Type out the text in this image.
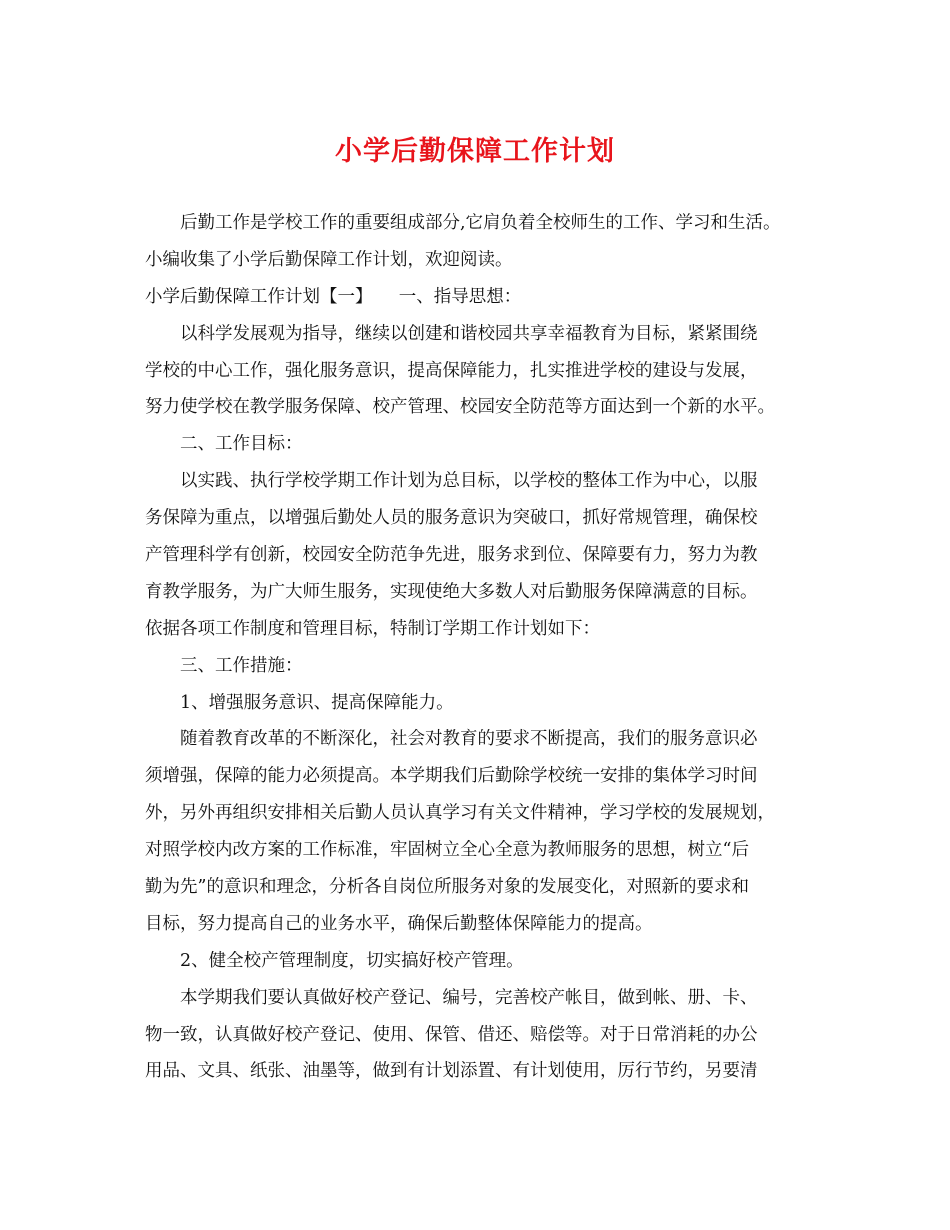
小学后勤保障工作计划
后勤工作是学校工作的重要组成部分,它肩负着全校师生的工作、学习和生活。
小编收集了小学后勤保障工作计划，欢迎阅读。
小学后勤保障工作计划【一】　　一、指导思想：
以科学发展观为指导，继续以创建和谐校园共享幸福教育为目标，紧紧围绕
学校的中心工作，强化服务意识，提高保障能力，扎实推进学校的建设与发展，
努力使学校在教学服务保障、校产管理、校园安全防范等方面达到一个新的水平。
二、工作目标：
以实践、执行学校学期工作计划为总目标，以学校的整体工作为中心，以服
务保障为重点，以增强后勤处人员的服务意识为突破口，抓好常规管理，确保校
产管理科学有创新，校园安全防范争先进，服务求到位、保障要有力，努力为教
育教学服务，为广大师生服务，实现使绝大多数人对后勤服务保障满意的目标。
依据各项工作制度和管理目标，特制订学期工作计划如下：
三、工作措施：
1、增强服务意识、提高保障能力。
随着教育改革的不断深化，社会对教育的要求不断提高，我们的服务意识必
须增强，保障的能力必须提高。本学期我们后勤除学校统一安排的集体学习时间
外，另外再组织安排相关后勤人员认真学习有关文件精神，学习学校的发展规划，
对照学校内改方案的工作标准，牢固树立全心全意为教师服务的思想，树立“后
勤为先”的意识和理念，分析各自岗位所服务对象的发展变化，对照新的要求和
目标，努力提高自己的业务水平，确保后勤整体保障能力的提高。
2、健全校产管理制度，切实搞好校产管理。
本学期我们要认真做好校产登记、编号，完善校产帐目，做到帐、册、卡、
物一致，认真做好校产登记、使用、保管、借还、赔偿等。对于日常消耗的办公
用品、文具、纸张、油墨等，做到有计划添置、有计划使用，厉行节约，另要清
